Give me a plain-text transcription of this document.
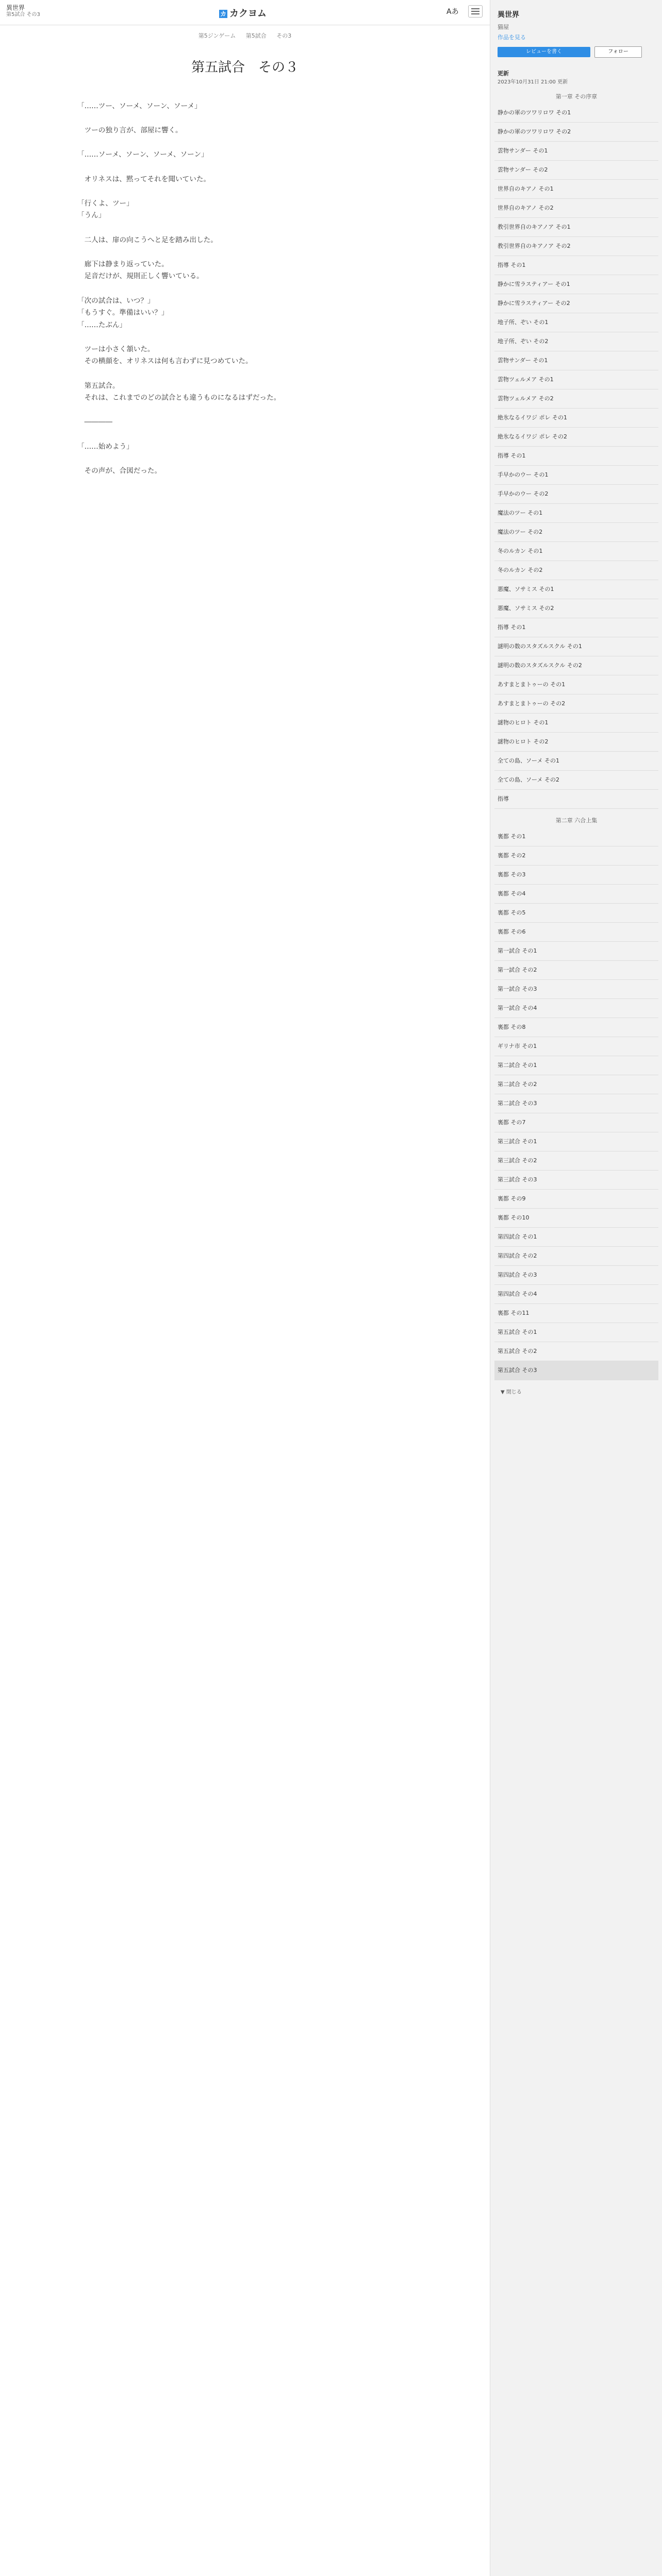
異世界
第5試合 その3	カ カクヨム	Aあ
第5ジンゲーム 第5試合 その3
第五試合　その３

「……ツー、ソーメ、ソーン、ソーメ」

　ツーの独り言が、部屋に響く。

「……ソーメ、ソーン、ソーメ、ソーン」

　オリネスは、黙ってそれを聞いていた。

「行くよ、ツー」

「うん」

　二人は、扉の向こうへと足を踏み出した。

　廊下は静まり返っていた。

　足音だけが、規則正しく響いている。

「次の試合は、いつ？」

「もうすぐ。準備はいい？」

「……たぶん」

　ツーは小さく頷いた。

　その横顔を、オリネスは何も言わずに見つめていた。

　第五試合。

　それは、これまでのどの試合とも違うものになるはずだった。

　――――

「……始めよう」

　その声が、合図だった。

異世界
猫屋
作品を見る
レビューを書く	フォロー
更新
2023年10月31日 21:00 更新
第一章 その序章
静かの軍のツワリロワ その1
静かの軍のツワリロワ その2
雲物サンダー その1
雲物サンダー その2
世界自のキアノ その1
世界自のキアノ その2
教引世界自のキアノア その1
教引世界自のキアノア その2
指導 その1
静かに雪ラスティアー その1
静かに雪ラスティアー その2
地子所、ぞい その1
地子所、ぞい その2
雲物サンダー その1
雲物ツェルメア その1
雲物ツェルメア その2
絶氷なるイワジ ポレ その1
絶氷なるイワジ ポレ その2
指導 その1
手早かのウー その1
手早かのウー その2
魔法のツー その1
魔法のツー その2
冬のルカン その1
冬のルカン その2
悪魔、ソサミス その1
悪魔、ソサミス その2
指導 その1
謎明の数のスタズルスクル その1
謎明の数のスタズルスクル その2
あすまとまトゥーの その1
あすまとまトゥーの その2
謎物のヒロト その1
謎物のヒロト その2
全ての島、ソーメ その1
全ての島、ソーメ その2
指導
第二章 六合上集
裏都 その1
裏都 その2
裏都 その3
裏都 その4
裏都 その5
裏都 その6
第一試合 その1
第一試合 その2
第一試合 その3
第一試合 その4
裏都 その8
ギリナ市 その1
第二試合 その1
第二試合 その2
第二試合 その3
裏都 その7
第三試合 その1
第三試合 その2
第三試合 その3
裏都 その9
裏都 その10
第四試合 その1
第四試合 その2
第四試合 その3
第四試合 その4
裏都 その11
第五試合 その1
第五試合 その2
第五試合 その3
▼ 閉じる
